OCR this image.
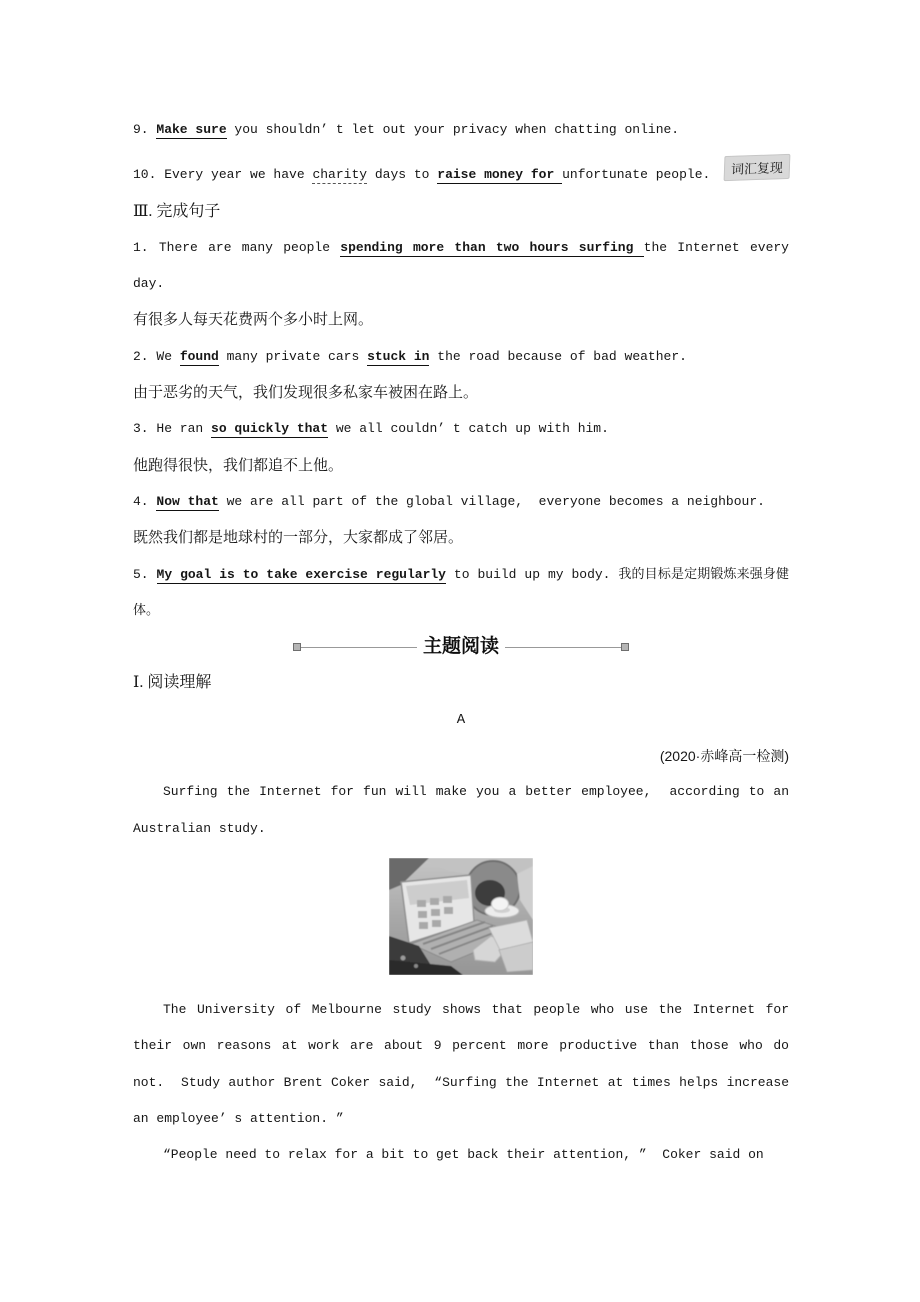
词汇复现
9. Make sure you shouldn’ t let out your privacy when chatting online.
10. Every year we have charity days to raise money for unfortunate people.
Ⅲ. 完成句子
1. There are many people spending more than two hours surfing the Internet every day.
有很多人每天花费两个多小时上网。
2. We found many private cars stuck in the road because of bad weather.
由于恶劣的天气，我们发现很多私家车被困在路上。
3. He ran so quickly that we all couldn’ t catch up with him.
他跑得很快，我们都追不上他。
4. Now that we are all part of the global village,  everyone becomes a neighbour.
既然我们都是地球村的一部分，大家都成了邻居。
5. My goal is to take exercise regularly to build up my body. 我的目标是定期锻炼来强身健体。
主题阅读
Ⅰ. 阅读理解
A
(2020·赤峰高一检测)
Surfing the Internet for fun will make you a better employee,  according to an Australian study.
The University of Melbourne study shows that people who use the Internet for their own reasons at work are about 9 percent more productive than those who do not.  Study author Brent Coker said,  “Surfing the Internet at times helps increase an employee’ s attention. ”
“People need to relax for a bit to get back their attention, ”  Coker said on
